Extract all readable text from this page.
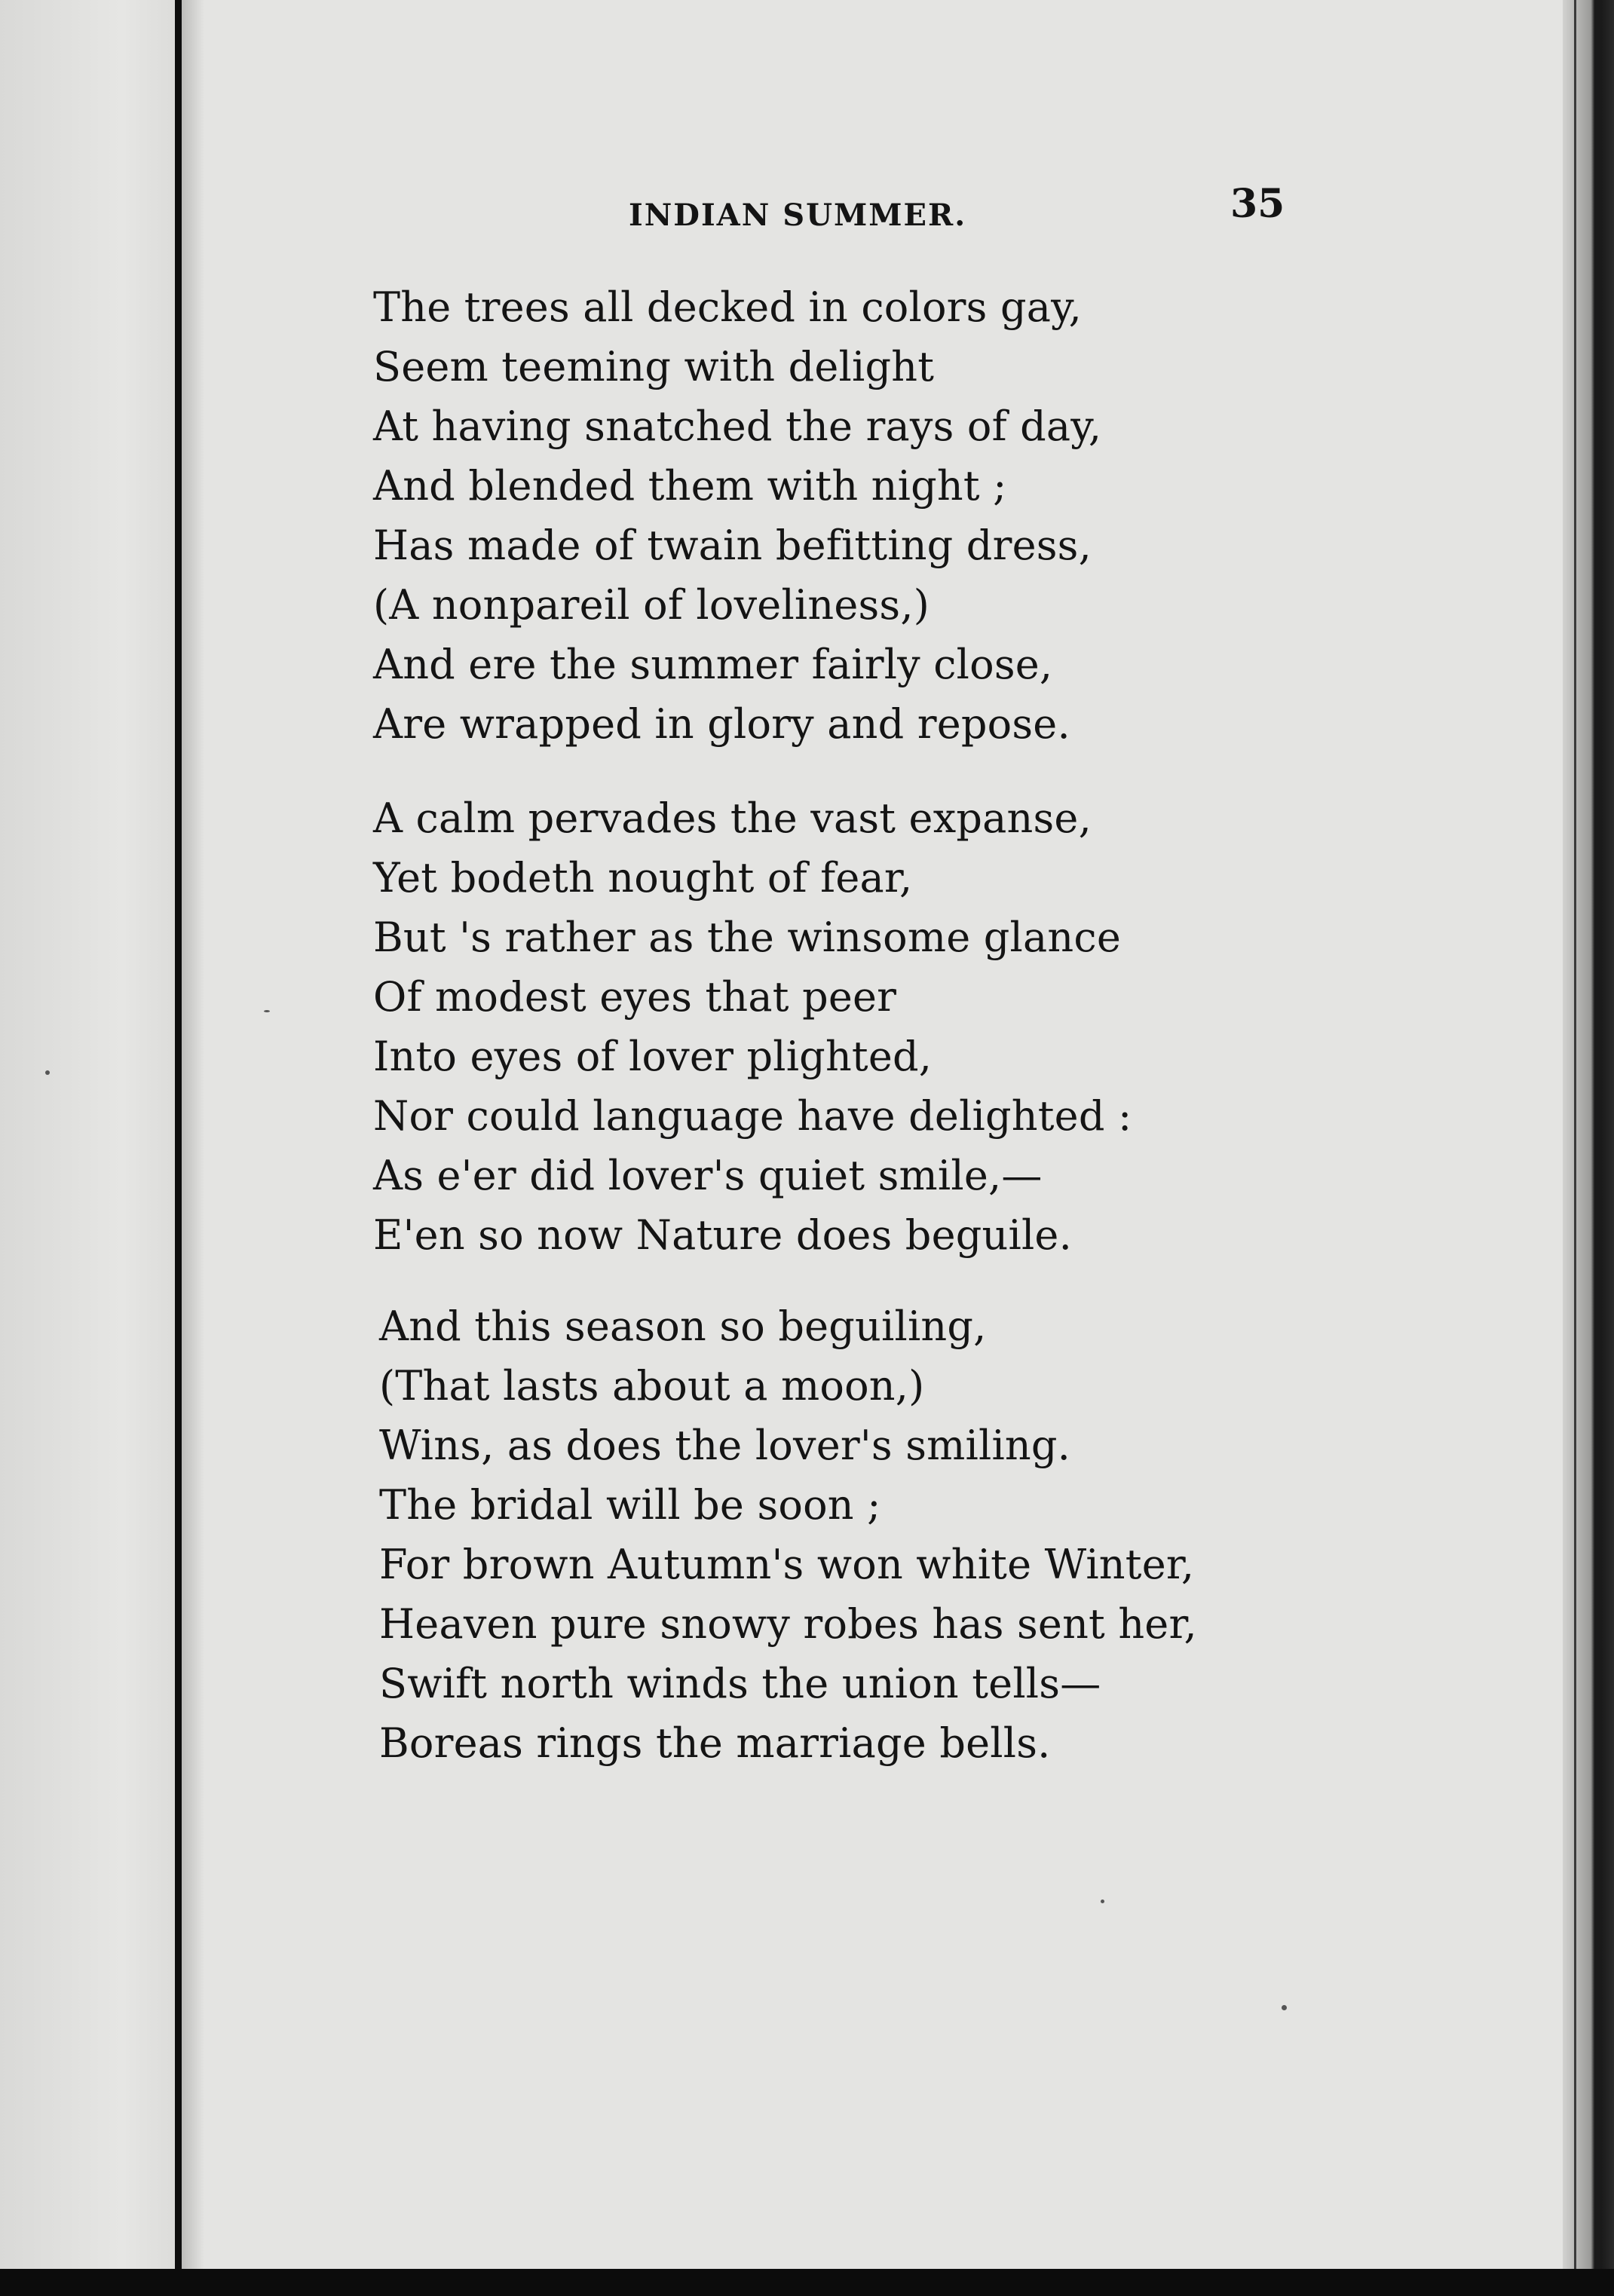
INDIAN SUMMER.	35
The trees all decked in colors gay,
Seem teeming with delight
At having snatched the rays of day,
And blended them with night ;
Has made of twain befitting dress,
(A nonpareil of loveliness,)
And ere the summer fairly close,
Are wrapped in glory and repose.
A calm pervades the vast expanse,
Yet bodeth nought of fear,
But 's rather as the winsome glance
Of modest eyes that peer
Into eyes of lover plighted,
Nor could language have delighted :
As e'er did lover's quiet smile,—
E'en so now Nature does beguile.
And this season so beguiling,
(That lasts about a moon,)
Wins, as does the lover's smiling.
The bridal will be soon ;
For brown Autumn's won white Winter,
Heaven pure snowy robes has sent her,
Swift north winds the union tells—
Boreas rings the marriage bells.
